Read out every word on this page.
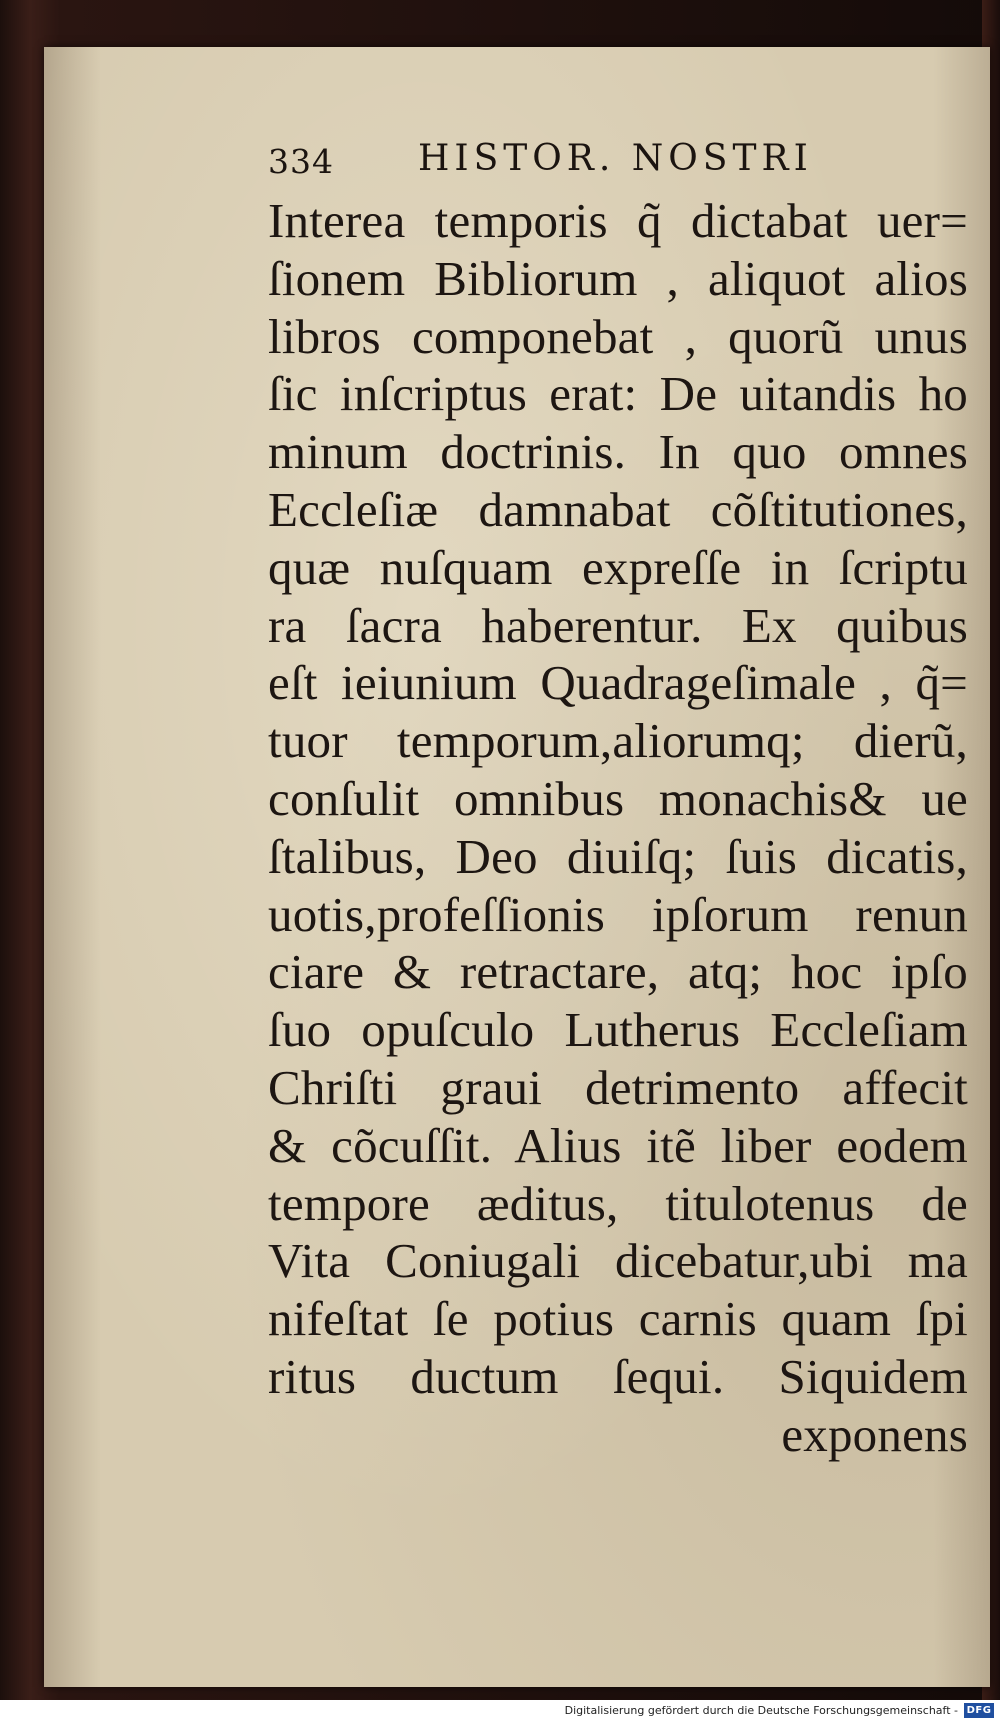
334 HISTOR. NOSTRI
Interea temporis q̃ dictabat uer=
ſionem Bibliorum , aliquot alios
libros componebat , quorũ unus
ſic inſcriptus erat: De uitandis ho
minum doctrinis. In quo omnes
Eccleſiæ damnabat cõſtitutiones,
quæ nuſquam expreſſe in ſcriptu
ra ſacra haberentur. Ex quibus
eſt ieiunium Quadrageſimale , q̃=
tuor temporum,aliorumq; dierũ,
conſulit omnibus monachis& ue
ſtalibus, Deo diuiſq; ſuis dicatis,
uotis,profeſſionis ipſorum renun
ciare & retractare, atq; hoc ipſo
ſuo opuſculo Lutherus Eccleſiam
Chriſti graui detrimento affecit
& cõcuſſit. Alius itẽ liber eodem
tempore æditus, titulotenus de
Vita Coniugali dicebatur,ubi ma
nifeſtat ſe potius carnis quam ſpi
ritus ductum ſequi. Siquidem
exponens
Digitalisierung gefördert durch die Deutsche Forschungsgemeinschaft - DFG
